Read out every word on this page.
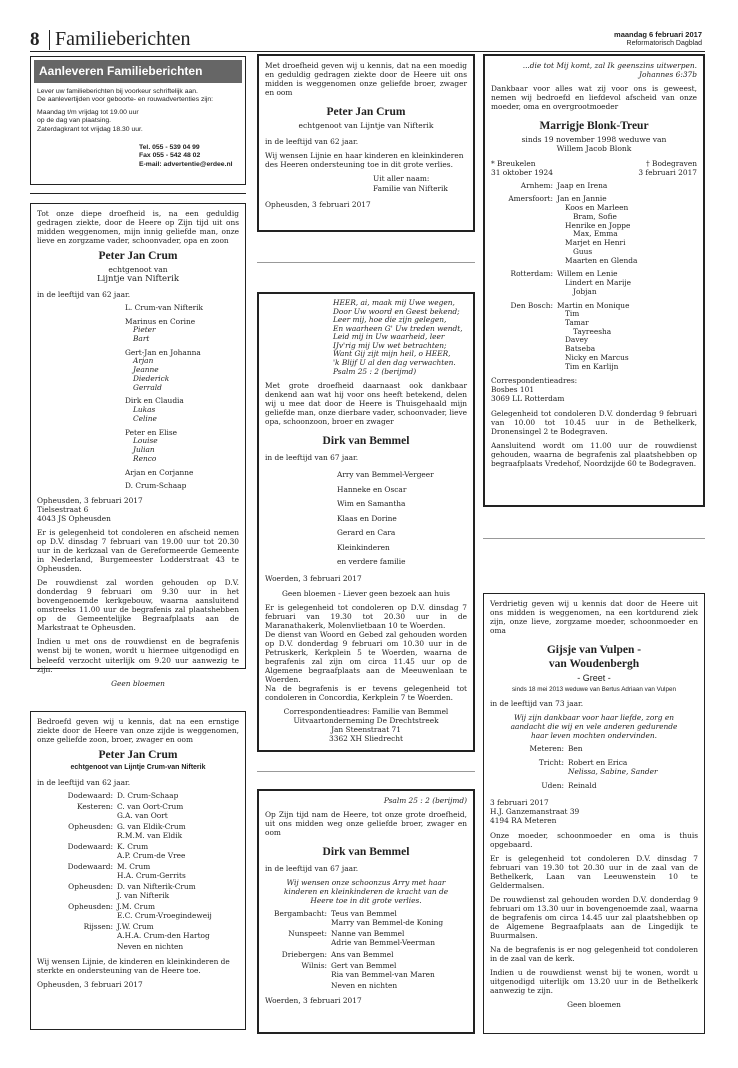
8 Familieberichten	maandag 6 februari 2017
Reformatorisch Dagblad
Aanleveren Familieberichten
Lever uw familieberichten bij voorkeur schriftelijk aan.
De aanlevertijden voor geboorte- en rouwadvertenties zijn:
Maandag t/m vrijdag tot 19.00 uur
op de dag van plaatsing.
Zaterdagkrant tot vrijdag 18.30 uur.
Tel. 055 - 539 04 99
Fax 055 - 542 48 02
E-mail: advertentie@erdee.nl
Tot onze diepe droefheid is, na een geduldig gedragen ziekte, door de Heere op Zijn tijd uit ons midden weggenomen, mijn innig geliefde man, onze lieve en zorgzame vader, schoonvader, opa en zoon
Peter Jan Crum
echtgenoot van
Lijntje van Nifterik
in de leeftijd van 62 jaar.
L. Crum-van Nifterik
Marinus en Corine
Pieter
Bart
Gert-Jan en Johanna
Arjan
Jeanne
Diederick
Gerrald
Dirk en Claudia
Lukas
Celine
Peter en Elise
Louise
Julian
Renco
Arjan en Corjanne
D. Crum-Schaap
Opheusden, 3 februari 2017
Tielsestraat 6
4043 JS Opheusden
Er is gelegenheid tot condoleren en afscheid nemen op D.V. dinsdag 7 februari van 19.00 uur tot 20.30 uur in de kerkzaal van de Gereformeerde Gemeente in Nederland, Burgemeester Lodderstraat 43 te Opheusden.
De rouwdienst zal worden gehouden op D.V. donderdag 9 februari om 9.30 uur in het bovengenoemde kerkgebouw, waarna aansluitend omstreeks 11.00 uur de begrafenis zal plaatshebben op de Gemeentelijke Begraafplaats aan de Markstraat te Opheusden.
Indien u met ons de rouwdienst en de begrafenis wenst bij te wonen, wordt u hiermee uitgenodigd en beleefd verzocht uiterlijk om 9.20 uur aanwezig te zijn.
Geen bloemen
Bedroefd geven wij u kennis, dat na een ernstige ziekte door de Heere van onze zijde is weggenomen, onze geliefde zoon, broer, zwager en oom
Peter Jan Crum
echtgenoot van Lijntje Crum-van Nifterik
in de leeftijd van 62 jaar.
Dodewaard: D. Crum-Schaap
Kesteren: C. van Oort-Crum
G.A. van Oort
Opheusden: G. van Eldik-Crum
R.M.M. van Eldik
Dodewaard: K. Crum
A.P. Crum-de Vree
Dodewaard: M. Crum
H.A. Crum-Gerrits
Opheusden: D. van Nifterik-Crum
J. van Nifterik
Opheusden: J.M. Crum
E.C. Crum-Vroegindeweij
Rijssen: J.W. Crum
A.H.A. Crum-den Hartog
Neven en nichten
Wij wensen Lijnie, de kinderen en kleinkinderen de sterkte en ondersteuning van de Heere toe.
Opheusden, 3 februari 2017
Met droefheid geven wij u kennis, dat na een moedig en geduldig gedragen ziekte door de Heere uit ons midden is weggenomen onze geliefde broer, zwager en oom
Peter Jan Crum
echtgenoot van Lijntje van Nifterik
in de leeftijd van 62 jaar.
Wij wensen Lijnie en haar kinderen en kleinkinderen des Heeren ondersteuning toe in dit grote verlies.
Uit aller naam:
Familie van Nifterik
Opheusden, 3 februari 2017
HEER, ai, maak mij Uwe wegen,
Door Uw woord en Geest bekend;
Leer mij, hoe die zijn gelegen,
En waarheen G' Uw treden wendt,
Leid mij in Uw waarheid, leer
IJv'rig mij Uw wet betrachten;
Want Gij zijt mijn heil, o HEER,
'k Blijf U al den dag verwachten.
Psalm 25 : 2 (berijmd)
Met grote droefheid daarnaast ook dankbaar denkend aan wat hij voor ons heeft betekend, delen wij u mee dat door de Heere is Thuisgehaald mijn geliefde man, onze dierbare vader, schoonvader, lieve opa, schoonzoon, broer en zwager
Dirk van Bemmel
in de leeftijd van 67 jaar.
Arry van Bemmel-Vergeer
Hanneke en Oscar
Wim en Samantha
Klaas en Dorine
Gerard en Cara
Kleinkinderen
en verdere familie
Woerden, 3 februari 2017
Geen bloemen - Liever geen bezoek aan huis
Er is gelegenheid tot condoleren op D.V. dinsdag 7 februari van 19.30 tot 20.30 uur in de Maranathakerk, Molenvlietbaan 10 te Woerden.
De dienst van Woord en Gebed zal gehouden worden op D.V. donderdag 9 februari om 10.30 uur in de Petruskerk, Kerkplein 5 te Woerden, waarna de begrafenis zal zijn om circa 11.45 uur op de Algemene begraafplaats aan de Meeuwenlaan te Woerden.
Na de begrafenis is er tevens gelegenheid tot condoleren in Concordia, Kerkplein 7 te Woerden.
Correspondentieadres: Familie van Bemmel
Uitvaartonderneming De Drechtstreek
Jan Steenstraat 71
3362 XH Sliedrecht
Psalm 25 : 2 (berijmd)
Op Zijn tijd nam de Heere, tot onze grote droefheid, uit ons midden weg onze geliefde broer, zwager en oom
Dirk van Bemmel
in de leeftijd van 67 jaar.
Wij wensen onze schoonzus Arry met haar kinderen en kleinkinderen de kracht van de Heere toe in dit grote verlies.
Bergambacht: Teus van Bemmel
Marry van Bemmel-de Koning
Nunspeet: Nanne van Bemmel
Adrie van Bemmel-Veerman
Driebergen: Ans van Bemmel
Wilnis: Gert van Bemmel
Ria van Bemmel-van Maren
Neven en nichten
Woerden, 3 februari 2017
...die tot Mij komt, zal Ik geenszins uitwerpen.
Johannes 6:37b
Dankbaar voor alles wat zij voor ons is geweest, nemen wij bedroefd en liefdevol afscheid van onze moeder, oma en overgrootmoeder
Marrigje Blonk-Treur
sinds 19 november 1998 weduwe van
Willem Jacob Blonk
* Breukelen
31 oktober 1924
† Bodegraven
3 februari 2017
Arnhem: Jaap en Irena
Amersfoort: Jan en Jannie
Koos en Marleen
Bram, Sofie
Henrike en Joppe
Max, Emma
Marjet en Henri
Guus
Maarten en Glenda
Rotterdam: Willem en Lenie
Lindert en Marije
Jobjan
Den Bosch: Martin en Monique
Tim
Tamar
Tayreesha
Davey
Batseba
Nicky en Marcus
Tim en Karlijn
Correspondentieadres:
Bosbes 101
3069 LL Rotterdam
Gelegenheid tot condoleren D.V. donderdag 9 februari van 10.00 tot 10.45 uur in de Bethelkerk, Dronensingel 2 te Bodegraven.
Aansluitend wordt om 11.00 uur de rouwdienst gehouden, waarna de begrafenis zal plaatshebben op begraafplaats Vredehof, Noordzijde 60 te Bodegraven.
Verdrietig geven wij u kennis dat door de Heere uit ons midden is weggenomen, na een kortdurend ziek zijn, onze lieve, zorgzame moeder, schoonmoeder en oma
Gijsje van Vulpen -
van Woudenbergh
- Greet -
sinds 18 mei 2013 weduwe van Bertus Adriaan van Vulpen
in de leeftijd van 73 jaar.
Wij zijn dankbaar voor haar liefde, zorg en aandacht die wij en vele anderen gedurende haar leven mochten ondervinden.
Meteren: Ben
Tricht: Robert en Erica
Nelissa, Sabine, Sander
Uden: Reinald
3 februari 2017
H.J. Ganzemanstraat 39
4194 RA Meteren
Onze moeder, schoonmoeder en oma is thuis opgebaard.
Er is gelegenheid tot condoleren D.V. dinsdag 7 februari van 19.30 tot 20.30 uur in de zaal van de Bethelkerk, Laan van Leeuwenstein 10 te Geldermalsen.
De rouwdienst zal gehouden worden D.V. donderdag 9 februari om 13.30 uur in bovengenoemde zaal, waarna de begrafenis om circa 14.45 uur zal plaatshebben op de Algemene Begraafplaats aan de Lingedijk te Buurmalsen.
Na de begrafenis is er nog gelegenheid tot condoleren in de zaal van de kerk.
Indien u de rouwdienst wenst bij te wonen, wordt u uitgenodigd uiterlijk om 13.20 uur in de Bethelkerk aanwezig te zijn.
Geen bloemen
